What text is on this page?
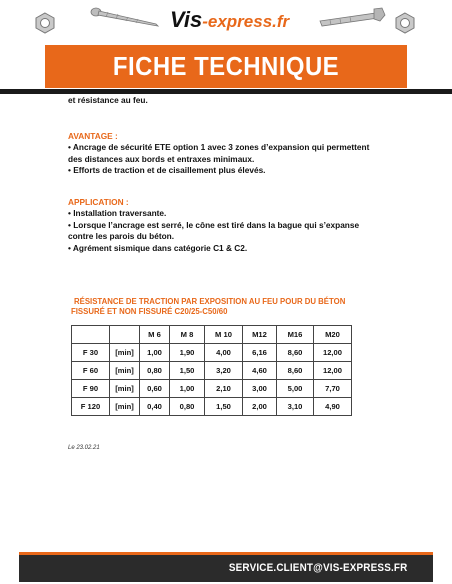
Vis-express.fr
FICHE TECHNIQUE
et résistance au feu.
AVANTAGE :
• Ancrage de sécurité ETE option 1 avec 3 zones d’expansion qui permettent
des distances aux bords et entraxes minimaux.
• Efforts de traction et de cisaillement plus élevés.
APPLICATION :
• Installation traversante.
• Lorsque l’ancrage est serré, le cône est tiré dans la bague qui s’expanse
contre les parois du béton.
• Agrément sismique dans catégorie C1 & C2.
RÉSISTANCE DE TRACTION PAR EXPOSITION AU FEU POUR DU BÉTON
FISSURÉ ET NON FISSURÉ C20/25-C50/60
		M 6	M 8	M 10	M12	M16	M20
F 30	[min]	1,00	1,90	4,00	6,16	8,60	12,00
F 60	[min]	0,80	1,50	3,20	4,60	8,60	12,00
F 90	[min]	0,60	1,00	2,10	3,00	5,00	7,70
F 120	[min]	0,40	0,80	1,50	2,00	3,10	4,90
Le 23.02.21
SERVICE.CLIENT@VIS-EXPRESS.FR
